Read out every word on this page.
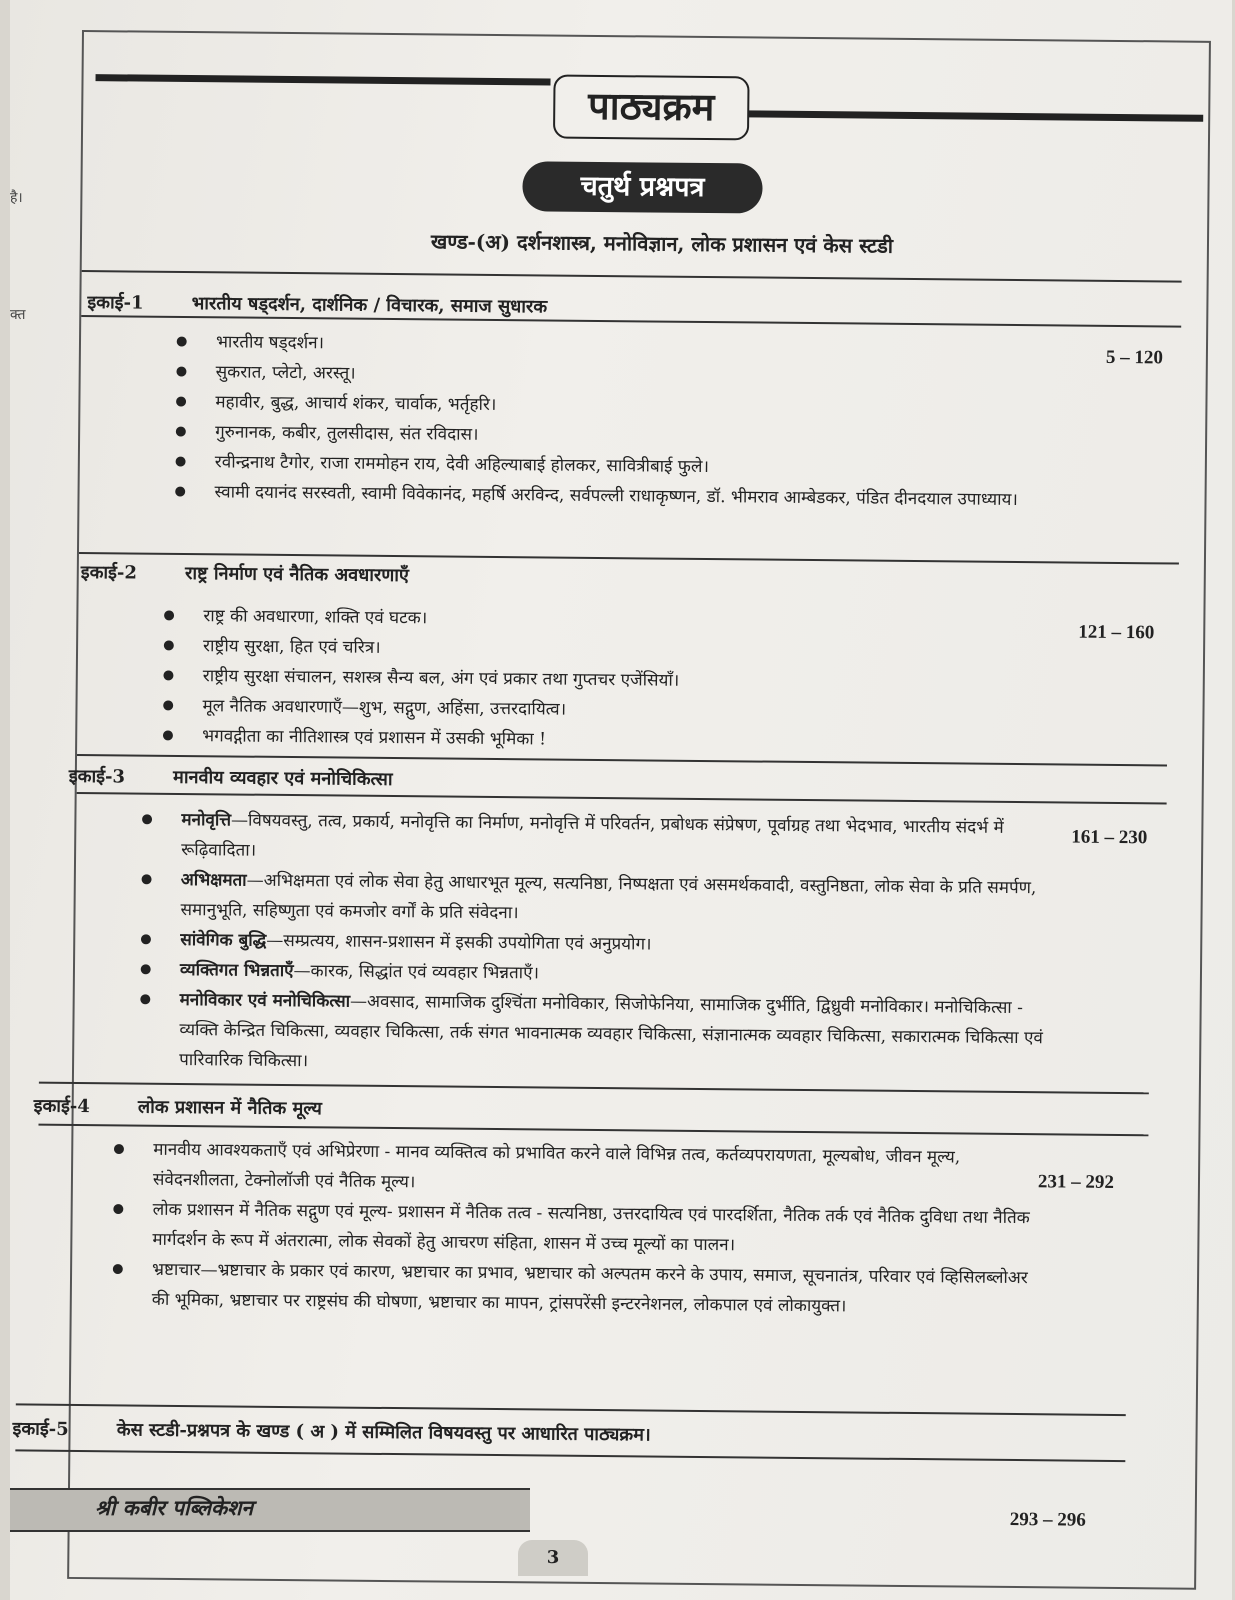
है।
क्त
पाठ्यक्रम
चतुर्थ प्रश्नपत्र
खण्ड-(अ) दर्शनशास्त्र, मनोविज्ञान, लोक प्रशासन एवं केस स्टडी
इकाई-1	भारतीय षड्दर्शन, दार्शनिक / विचारक, समाज सुधारक
5 – 120
● भारतीय षड्दर्शन।
● सुकरात, प्लेटो, अरस्तू।
● महावीर, बुद्ध, आचार्य शंकर, चार्वाक, भर्तृहरि।
● गुरुनानक, कबीर, तुलसीदास, संत रविदास।
● रवीन्द्रनाथ टैगोर, राजा राममोहन राय, देवी अहिल्याबाई होलकर, सावित्रीबाई फुले।
● स्वामी दयानंद सरस्वती, स्वामी विवेकानंद, महर्षि अरविन्द, सर्वपल्ली राधाकृष्णन, डॉ. भीमराव आम्बेडकर, पंडित दीनदयाल उपाध्याय।
इकाई-2	राष्ट्र निर्माण एवं नैतिक अवधारणाएँ
121 – 160
● राष्ट्र की अवधारणा, शक्ति एवं घटक।
● राष्ट्रीय सुरक्षा, हित एवं चरित्र।
● राष्ट्रीय सुरक्षा संचालन, सशस्त्र सैन्य बल, अंग एवं प्रकार तथा गुप्तचर एजेंसियाँ।
● मूल नैतिक अवधारणाएँ—शुभ, सद्गुण, अहिंसा, उत्तरदायित्व।
● भगवद्गीता का नीतिशास्त्र एवं प्रशासन में उसकी भूमिका !
इकाई-3	मानवीय व्यवहार एवं मनोचिकित्सा
161 – 230
● मनोवृत्ति—विषयवस्तु, तत्व, प्रकार्य, मनोवृत्ति का निर्माण, मनोवृत्ति में परिवर्तन, प्रबोधक संप्रेषण, पूर्वाग्रह तथा भेदभाव, भारतीय संदर्भ में रूढ़िवादिता।
● अभिक्षमता—अभिक्षमता एवं लोक सेवा हेतु आधारभूत मूल्य, सत्यनिष्ठा, निष्पक्षता एवं असमर्थकवादी, वस्तुनिष्ठता, लोक सेवा के प्रति समर्पण, समानुभूति, सहिष्णुता एवं कमजोर वर्गों के प्रति संवेदना।
● सांवेगिक बुद्धि—सम्प्रत्यय, शासन-प्रशासन में इसकी उपयोगिता एवं अनुप्रयोग।
● व्यक्तिगत भिन्नताएँ—कारक, सिद्धांत एवं व्यवहार भिन्नताएँ।
● मनोविकार एवं मनोचिकित्सा—अवसाद, सामाजिक दुश्चिंता मनोविकार, सिजोफेनिया, सामाजिक दुर्भीति, द्विध्रुवी मनोविकार। मनोचिकित्सा - व्यक्ति केन्द्रित चिकित्सा, व्यवहार चिकित्सा, तर्क संगत भावनात्मक व्यवहार चिकित्सा, संज्ञानात्मक व्यवहार चिकित्सा, सकारात्मक चिकित्सा एवं पारिवारिक चिकित्सा।
इकाई-4	लोक प्रशासन में नैतिक मूल्य
231 – 292
● मानवीय आवश्यकताएँ एवं अभिप्रेरणा - मानव व्यक्तित्व को प्रभावित करने वाले विभिन्न तत्व, कर्तव्यपरायणता, मूल्यबोध, जीवन मूल्य, संवेदनशीलता, टेक्नोलॉजी एवं नैतिक मूल्य।
● लोक प्रशासन में नैतिक सद्गुण एवं मूल्य- प्रशासन में नैतिक तत्व - सत्यनिष्ठा, उत्तरदायित्व एवं पारदर्शिता, नैतिक तर्क एवं नैतिक दुविधा तथा नैतिक मार्गदर्शन के रूप में अंतरात्मा, लोक सेवकों हेतु आचरण संहिता, शासन में उच्च मूल्यों का पालन।
● भ्रष्टाचार—भ्रष्टाचार के प्रकार एवं कारण, भ्रष्टाचार का प्रभाव, भ्रष्टाचार को अल्पतम करने के उपाय, समाज, सूचनातंत्र, परिवार एवं व्हिसिलब्लोअर की भूमिका, भ्रष्टाचार पर राष्ट्रसंघ की घोषणा, भ्रष्टाचार का मापन, ट्रांसपरेंसी इन्टरनेशनल, लोकपाल एवं लोकायुक्त।
इकाई-5	केस स्टडी-प्रश्नपत्र के खण्ड ( अ ) में सम्मिलित विषयवस्तु पर आधारित पाठ्यक्रम।
293 – 296
श्री कबीर पब्लिकेशन
3
